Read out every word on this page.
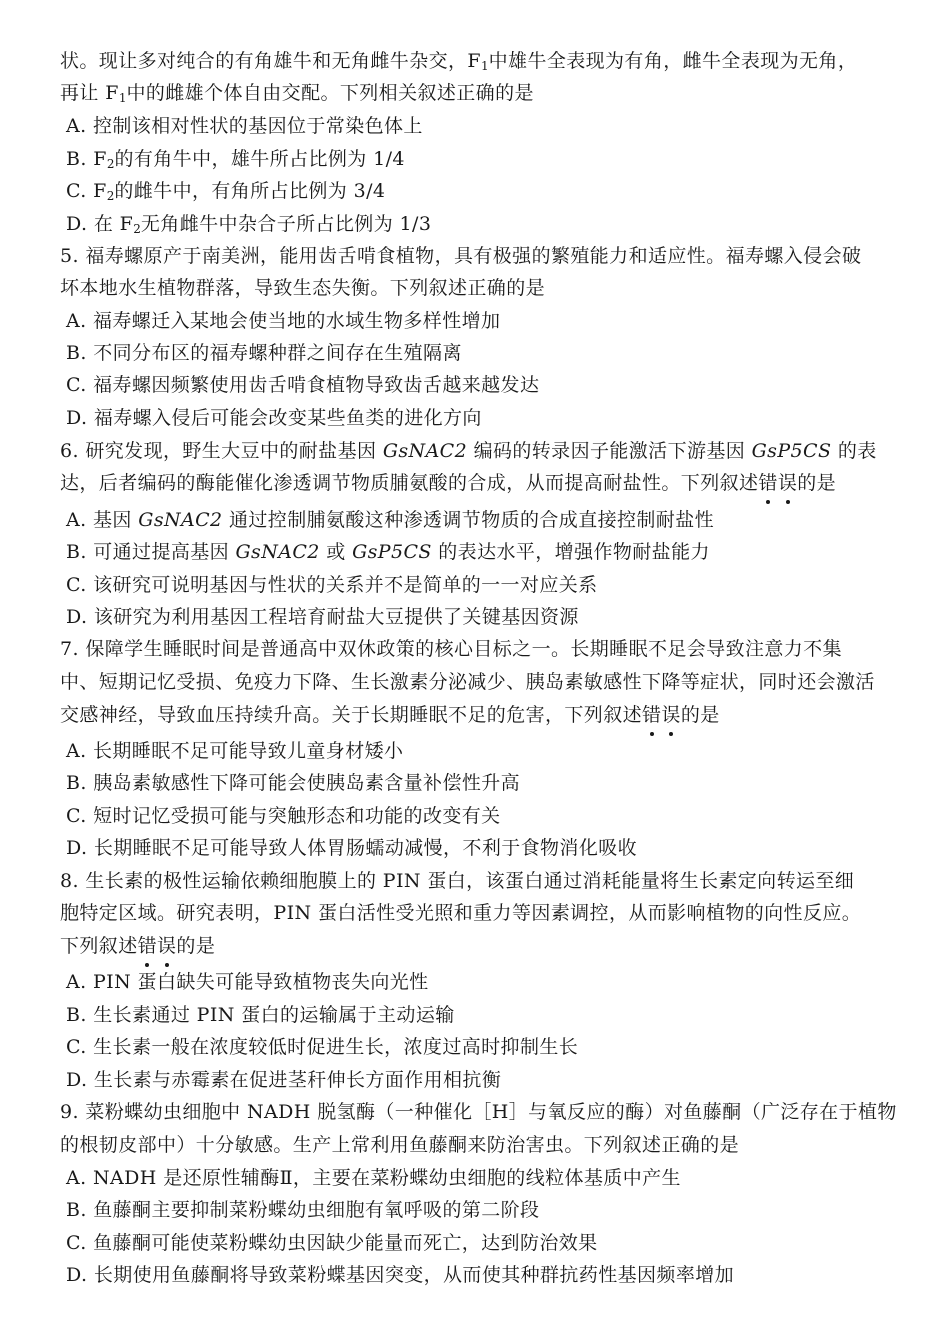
状。现让多对纯合的有角雄牛和无角雌牛杂交，$F_1$中雄牛全表现为有角，雌牛全表现为无角，
再让 $F_1$中的雌雄个体自由交配。下列相关叙述正确的是
A. 控制该相对性状的基因位于常染色体上
B. $F_2$的有角牛中，雄牛所占比例为 1/4
C. $F_2$的雌牛中，有角所占比例为 3/4
D. 在 $F_2$无角雌牛中杂合子所占比例为 1/3
5. 福寿螺原产于南美洲，能用齿舌啃食植物，具有极强的繁殖能力和适应性。福寿螺入侵会破
坏本地水生植物群落，导致生态失衡。下列叙述正确的是
A. 福寿螺迁入某地会使当地的水域生物多样性增加
B. 不同分布区的福寿螺种群之间存在生殖隔离
C. 福寿螺因频繁使用齿舌啃食植物导致齿舌越来越发达
D. 福寿螺入侵后可能会改变某些鱼类的进化方向
6. 研究发现，野生大豆中的耐盐基因 GsNAC2 编码的转录因子能激活下游基因 GsP5CS 的表
达，后者编码的酶能催化渗透调节物质脯氨酸的合成，从而提高耐盐性。下列叙述错误的是
A. 基因 GsNAC2 通过控制脯氨酸这种渗透调节物质的合成直接控制耐盐性
B. 可通过提高基因 GsNAC2 或 GsP5CS 的表达水平，增强作物耐盐能力
C. 该研究可说明基因与性状的关系并不是简单的一一对应关系
D. 该研究为利用基因工程培育耐盐大豆提供了关键基因资源
7. 保障学生睡眠时间是普通高中双休政策的核心目标之一。长期睡眠不足会导致注意力不集
中、短期记忆受损、免疫力下降、生长激素分泌减少、胰岛素敏感性下降等症状，同时还会激活
交感神经，导致血压持续升高。关于长期睡眠不足的危害，下列叙述错误的是
A. 长期睡眠不足可能导致儿童身材矮小
B. 胰岛素敏感性下降可能会使胰岛素含量补偿性升高
C. 短时记忆受损可能与突触形态和功能的改变有关
D. 长期睡眠不足可能导致人体胃肠蠕动减慢，不利于食物消化吸收
8. 生长素的极性运输依赖细胞膜上的 PIN 蛋白，该蛋白通过消耗能量将生长素定向转运至细
胞特定区域。研究表明，PIN 蛋白活性受光照和重力等因素调控，从而影响植物的向性反应。
下列叙述错误的是
A. PIN 蛋白缺失可能导致植物丧失向光性
B. 生长素通过 PIN 蛋白的运输属于主动运输
C. 生长素一般在浓度较低时促进生长，浓度过高时抑制生长
D. 生长素与赤霉素在促进茎秆伸长方面作用相抗衡
9. 菜粉蝶幼虫细胞中 NADH 脱氢酶（一种催化［H］与氧反应的酶）对鱼藤酮（广泛存在于植物
的根韧皮部中）十分敏感。生产上常利用鱼藤酮来防治害虫。下列叙述正确的是
A. NADH 是还原性辅酶Ⅱ，主要在菜粉蝶幼虫细胞的线粒体基质中产生
B. 鱼藤酮主要抑制菜粉蝶幼虫细胞有氧呼吸的第二阶段
C. 鱼藤酮可能使菜粉蝶幼虫因缺少能量而死亡，达到防治效果
D. 长期使用鱼藤酮将导致菜粉蝶基因突变，从而使其种群抗药性基因频率增加
